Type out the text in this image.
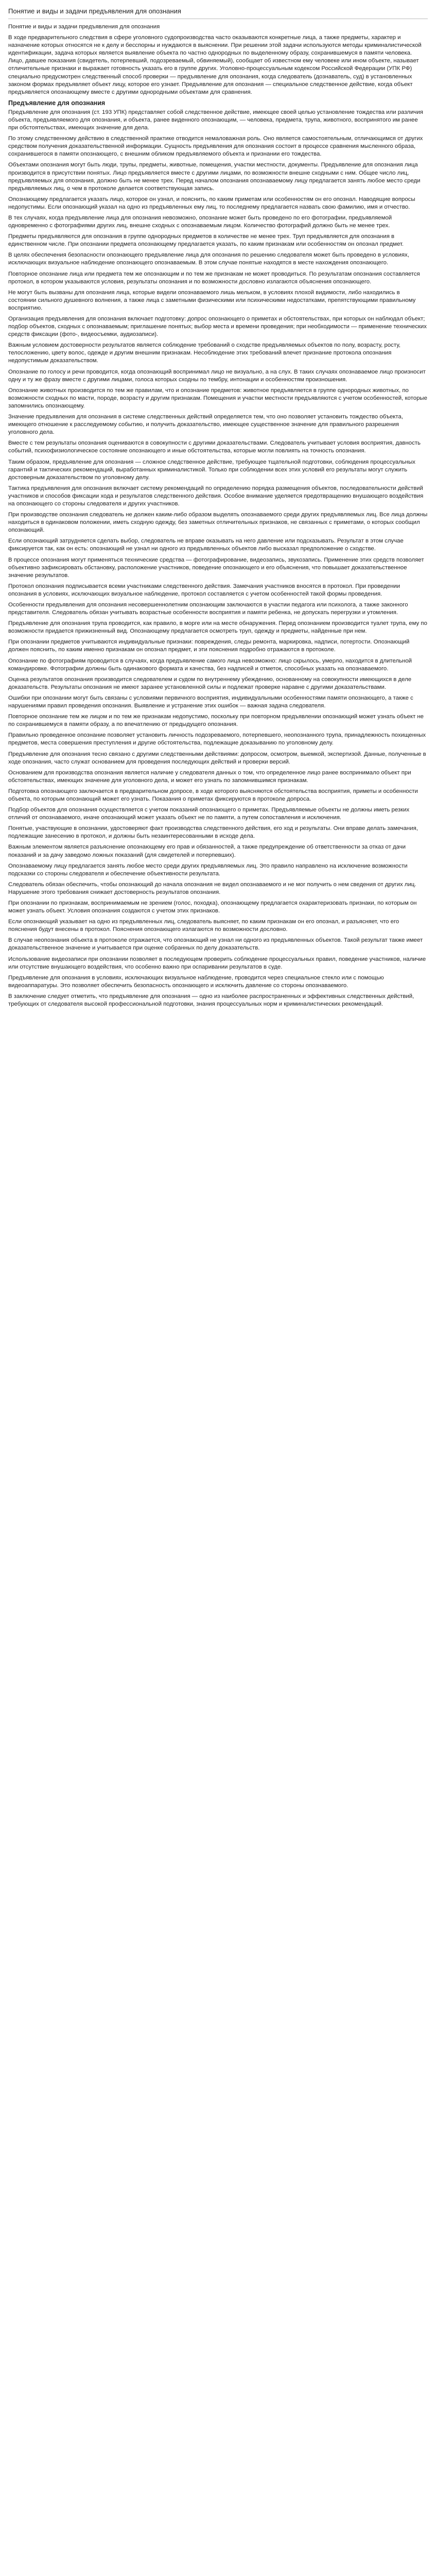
Понятие и виды и задачи предъявления для опознания

Понятие и виды и задачи предъявления для опознания

В ходе предварительного следствия в сфере уголовного судопроизводства часто оказываются конкретные лица, а также предметы, характер и назначение которых относятся не к делу и бесспорны и нуждаются в выяснении. При решении этой задачи используются методы криминалистической идентификации, задача которых является выявление объекта по частно однородных по выделенному образу, сохранившемуся в памяти человека. Лицо, давшее показания (свидетель, потерпевший, подозреваемый, обвиняемый), сообщает об известном ему человеке или ином объекте, называет отличительные признаки и выражает готовность указать его в группе других. Уголовно-процессуальным кодексом Российской Федерации (УПК РФ) специально предусмотрен следственный способ проверки — предъявление для опознания, когда следователь (дознаватель, суд) в установленных законом формах предъявляет объект лицу, которое его узнает. Предъявление для опознания — специальное следственное действие, когда объект предъявляется опознающему вместе с другими однородными объектами для сравнения.

Предъявление для опознания

Предъявление для опознания (ст. 193 УПК) представляет собой следственное действие, имеющее своей целью установление тождества или различия объекта, предъявляемого для опознания, и объекта, ранее виденного опознающим, — человека, предмета, трупа, животного, воспринятого им ранее при обстоятельствах, имеющих значение для дела.

По этому следственному действию в следственной практике отводится немаловажная роль. Оно является самостоятельным, отличающимся от других средством получения доказательственной информации. Сущность предъявления для опознания состоит в процессе сравнения мысленного образа, сохранившегося в памяти опознающего, с внешним обликом предъявляемого объекта и признании его тождества.

Объектами опознания могут быть люди, трупы, предметы, животные, помещения, участки местности, документы. Предъявление для опознания лица производится в присутствии понятых. Лицо предъявляется вместе с другими лицами, по возможности внешне сходными с ним. Общее число лиц, предъявляемых для опознания, должно быть не менее трех. Перед началом опознания опознаваемому лицу предлагается занять любое место среди предъявляемых лиц, о чем в протоколе делается соответствующая запись.

Опознающему предлагается указать лицо, которое он узнал, и пояснить, по каким приметам или особенностям он его опознал. Наводящие вопросы недопустимы. Если опознающий указал на одно из предъявленных ему лиц, то последнему предлагается назвать свою фамилию, имя и отчество.

В тех случаях, когда предъявление лица для опознания невозможно, опознание может быть проведено по его фотографии, предъявляемой одновременно с фотографиями других лиц, внешне сходных с опознаваемым лицом. Количество фотографий должно быть не менее трех.

Предметы предъявляются для опознания в группе однородных предметов в количестве не менее трех. Труп предъявляется для опознания в единственном числе. При опознании предмета опознающему предлагается указать, по каким признакам или особенностям он опознал предмет.

В целях обеспечения безопасности опознающего предъявление лица для опознания по решению следователя может быть проведено в условиях, исключающих визуальное наблюдение опознающего опознаваемым. В этом случае понятые находятся в месте нахождения опознающего.

Повторное опознание лица или предмета тем же опознающим и по тем же признакам не может проводиться. По результатам опознания составляется протокол, в котором указываются условия, результаты опознания и по возможности дословно излагаются объяснения опознающего.

Не могут быть вызваны для опознания лица, которые видели опознаваемого лишь мельком, в условиях плохой видимости, либо находились в состоянии сильного душевного волнения, а также лица с заметными физическими или психическими недостатками, препятствующими правильному восприятию.

Организация предъявления для опознания включает подготовку: допрос опознающего о приметах и обстоятельствах, при которых он наблюдал объект; подбор объектов, сходных с опознаваемым; приглашение понятых; выбор места и времени проведения; при необходимости — применение технических средств фиксации (фото-, видеосъемки, аудиозаписи).

Важным условием достоверности результатов является соблюдение требований о сходстве предъявляемых объектов по полу, возрасту, росту, телосложению, цвету волос, одежде и другим внешним признакам. Несоблюдение этих требований влечет признание протокола опознания недопустимым доказательством.

Опознание по голосу и речи проводится, когда опознающий воспринимал лицо не визуально, а на слух. В таких случаях опознаваемое лицо произносит одну и ту же фразу вместе с другими лицами, голоса которых сходны по тембру, интонации и особенностям произношения.

Опознание животных производится по тем же правилам, что и опознание предметов: животное предъявляется в группе однородных животных, по возможности сходных по масти, породе, возрасту и другим признакам. Помещения и участки местности предъявляются с учетом особенностей, которые запомнились опознающему.

Значение предъявления для опознания в системе следственных действий определяется тем, что оно позволяет установить тождество объекта, имеющего отношение к расследуемому событию, и получить доказательство, имеющее существенное значение для правильного разрешения уголовного дела.

Вместе с тем результаты опознания оцениваются в совокупности с другими доказательствами. Следователь учитывает условия восприятия, давность событий, психофизиологическое состояние опознающего и иные обстоятельства, которые могли повлиять на точность опознания.

Таким образом, предъявление для опознания — сложное следственное действие, требующее тщательной подготовки, соблюдения процессуальных гарантий и тактических рекомендаций, выработанных криминалистикой. Только при соблюдении всех этих условий его результаты могут служить достоверным доказательством по уголовному делу.

Тактика предъявления для опознания включает систему рекомендаций по определению порядка размещения объектов, последовательности действий участников и способов фиксации хода и результатов следственного действия. Особое внимание уделяется предотвращению внушающего воздействия на опознающего со стороны следователя и других участников.

При производстве опознания следователь не должен каким-либо образом выделять опознаваемого среди других предъявляемых лиц. Все лица должны находиться в одинаковом положении, иметь сходную одежду, без заметных отличительных признаков, не связанных с приметами, о которых сообщил опознающий.

Если опознающий затрудняется сделать выбор, следователь не вправе оказывать на него давление или подсказывать. Результат в этом случае фиксируется так, как он есть: опознающий не узнал ни одного из предъявленных объектов либо высказал предположение о сходстве.

В процессе опознания могут применяться технические средства — фотографирование, видеозапись, звукозапись. Применение этих средств позволяет объективно зафиксировать обстановку, расположение участников, поведение опознающего и его объяснения, что повышает доказательственное значение результатов.

Протокол опознания подписывается всеми участниками следственного действия. Замечания участников вносятся в протокол. При проведении опознания в условиях, исключающих визуальное наблюдение, протокол составляется с учетом особенностей такой формы проведения.

Особенности предъявления для опознания несовершеннолетним опознающим заключаются в участии педагога или психолога, а также законного представителя. Следователь обязан учитывать возрастные особенности восприятия и памяти ребенка, не допускать перегрузки и утомления.

Предъявление для опознания трупа проводится, как правило, в морге или на месте обнаружения. Перед опознанием производится туалет трупа, ему по возможности придается прижизненный вид. Опознающему предлагается осмотреть труп, одежду и предметы, найденные при нем.

При опознании предметов учитываются индивидуальные признаки: повреждения, следы ремонта, маркировка, надписи, потертости. Опознающий должен пояснить, по каким именно признакам он опознал предмет, и эти пояснения подробно отражаются в протоколе.

Опознание по фотографиям проводится в случаях, когда предъявление самого лица невозможно: лицо скрылось, умерло, находится в длительной командировке. Фотографии должны быть одинакового формата и качества, без надписей и отметок, способных указать на опознаваемого.

Оценка результатов опознания производится следователем и судом по внутреннему убеждению, основанному на совокупности имеющихся в деле доказательств. Результаты опознания не имеют заранее установленной силы и подлежат проверке наравне с другими доказательствами.

Ошибки при опознании могут быть связаны с условиями первичного восприятия, индивидуальными особенностями памяти опознающего, а также с нарушениями правил проведения опознания. Выявление и устранение этих ошибок — важная задача следователя.

Повторное опознание тем же лицом и по тем же признакам недопустимо, поскольку при повторном предъявлении опознающий может узнать объект не по сохранившемуся в памяти образу, а по впечатлению от предыдущего опознания.

Правильно проведенное опознание позволяет установить личность подозреваемого, потерпевшего, неопознанного трупа, принадлежность похищенных предметов, места совершения преступления и другие обстоятельства, подлежащие доказыванию по уголовному делу.

Предъявление для опознания тесно связано с другими следственными действиями: допросом, осмотром, выемкой, экспертизой. Данные, полученные в ходе опознания, часто служат основанием для проведения последующих действий и проверки версий.

Основанием для производства опознания является наличие у следователя данных о том, что определенное лицо ранее воспринимало объект при обстоятельствах, имеющих значение для уголовного дела, и может его узнать по запомнившимся признакам.

Подготовка опознающего заключается в предварительном допросе, в ходе которого выясняются обстоятельства восприятия, приметы и особенности объекта, по которым опознающий может его узнать. Показания о приметах фиксируются в протоколе допроса.

Подбор объектов для опознания осуществляется с учетом показаний опознающего о приметах. Предъявляемые объекты не должны иметь резких отличий от опознаваемого, иначе опознающий может указать объект не по памяти, а путем сопоставления и исключения.

Понятые, участвующие в опознании, удостоверяют факт производства следственного действия, его ход и результаты. Они вправе делать замечания, подлежащие занесению в протокол, и должны быть незаинтересованными в исходе дела.

Важным элементом является разъяснение опознающему его прав и обязанностей, а также предупреждение об ответственности за отказ от дачи показаний и за дачу заведомо ложных показаний (для свидетелей и потерпевших).

Опознаваемому лицу предлагается занять любое место среди других предъявляемых лиц. Это правило направлено на исключение возможности подсказки со стороны следователя и обеспечение объективности результата.

Следователь обязан обеспечить, чтобы опознающий до начала опознания не видел опознаваемого и не мог получить о нем сведения от других лиц. Нарушение этого требования снижает достоверность результатов опознания.

При опознании по признакам, воспринимаемым не зрением (голос, походка), опознающему предлагается охарактеризовать признаки, по которым он может узнать объект. Условия опознания создаются с учетом этих признаков.

Если опознающий указывает на одно из предъявленных лиц, следователь выясняет, по каким признакам он его опознал, и разъясняет, что его пояснения будут внесены в протокол. Пояснения опознающего излагаются по возможности дословно.

В случае неопознания объекта в протоколе отражается, что опознающий не узнал ни одного из предъявленных объектов. Такой результат также имеет доказательственное значение и учитывается при оценке собранных по делу доказательств.

Использование видеозаписи при опознании позволяет в последующем проверить соблюдение процессуальных правил, поведение участников, наличие или отсутствие внушающего воздействия, что особенно важно при оспаривании результатов в суде.

Предъявление для опознания в условиях, исключающих визуальное наблюдение, проводится через специальное стекло или с помощью видеоаппаратуры. Это позволяет обеспечить безопасность опознающего и исключить давление со стороны опознаваемого.

В заключение следует отметить, что предъявление для опознания — одно из наиболее распространенных и эффективных следственных действий, требующих от следователя высокой профессиональной подготовки, знания процессуальных норм и криминалистических рекомендаций.
